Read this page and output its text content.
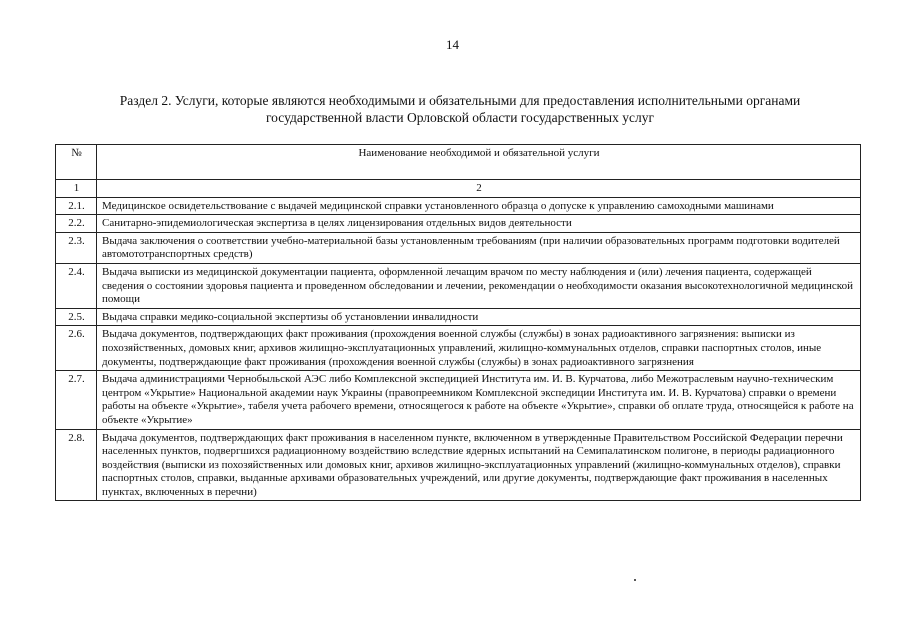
14
Раздел 2. Услуги, которые являются необходимыми и обязательными для предоставления исполнительными органами
государственной власти Орловской области государственных услуг
№	Наименование необходимой и обязательной услуги
1	2
2.1.	Медицинское освидетельствование с выдачей медицинской справки установленного образца о допуске к управлению самоходными машинами
2.2.	Санитарно-эпидемиологическая экспертиза в целях лицензирования отдельных видов деятельности
2.3.	Выдача заключения о соответствии учебно-материальной базы установленным требованиям (при наличии образовательных программ подготовки водителей автомототранспортных средств)
2.4.	Выдача выписки из медицинской документации пациента, оформленной лечащим врачом по месту наблюдения и (или) лечения пациента, содержащей сведения о состоянии здоровья пациента и проведенном обследовании и лечении, рекомендации о необходимости оказания высокотехнологичной медицинской помощи
2.5.	Выдача справки медико-социальной экспертизы об установлении инвалидности
2.6.	Выдача документов, подтверждающих факт проживания (прохождения военной службы (службы) в зонах радиоактивного загрязнения: выписки из похозяйственных, домовых книг, архивов жилищно-эксплуатационных управлений, жилищно-коммунальных отделов, справки паспортных столов, иные документы, подтверждающие факт проживания (прохождения военной службы (службы) в зонах радиоактивного загрязнения
2.7.	Выдача администрациями Чернобыльской АЭС либо Комплексной экспедицией Института им. И. В. Курчатова, либо Межотраслевым научно-техническим центром «Укрытие» Национальной академии наук Украины (правопреемником Комплексной экспедиции Института им. И. В. Курчатова) справки о времени работы на объекте «Укрытие», табеля учета рабочего времени, относящегося к работе на объекте «Укрытие», справки об оплате труда, относящейся к работе на объекте «Укрытие»
2.8.	Выдача документов, подтверждающих факт проживания в населенном пункте, включенном в утвержденные Правительством Российской Федерации перечни населенных пунктов, подвергшихся радиационному воздействию вследствие ядерных испытаний на Семипалатинском полигоне, в периоды радиационного воздействия (выписки из похозяйственных или домовых книг, архивов жилищно-эксплуатационных управлений (жилищно-коммунальных отделов), справки паспортных столов, справки, выданные архивами образовательных учреждений, или другие документы, подтверждающие факт проживания в населенных пунктах, включенных в перечни)
